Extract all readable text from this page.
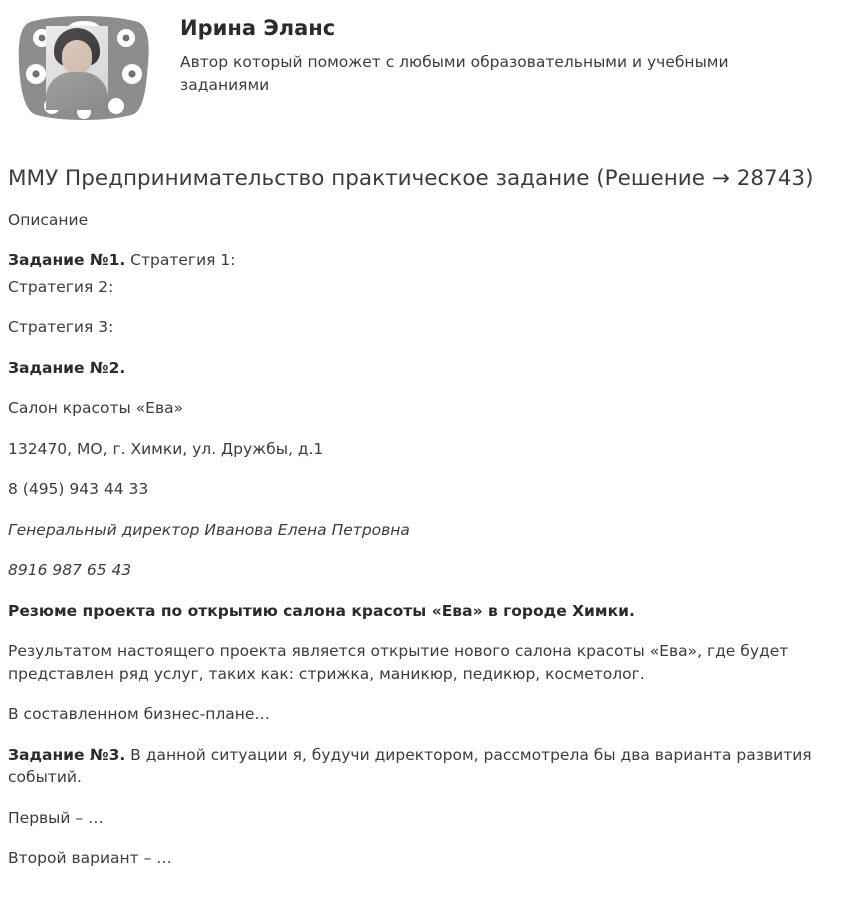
Ирина Эланс

Автор который поможет с любыми образовательными и учебными заданиями

ММУ Предпринимательство практическое задание (Решение → 28743)

Описание

Задание №1. Стратегия 1:

Стратегия 2:

Стратегия 3:

Задание №2.

Салон красоты «Ева»

132470, МО, г. Химки, ул. Дружбы, д.1

8 (495) 943 44 33

Генеральный директор Иванова Елена Петровна

8916 987 65 43

Резюме проекта по открытию салона красоты «Ева» в городе Химки.

Результатом настоящего проекта является открытие нового салона красоты «Ева», где будет представлен ряд услуг, таких как: стрижка, маникюр, педикюр, косметолог.

В составленном бизнес-плане…

Задание №3. В данной ситуации я, будучи директором, рассмотрела бы два варианта развития событий.

Первый – …

Второй вариант – …
